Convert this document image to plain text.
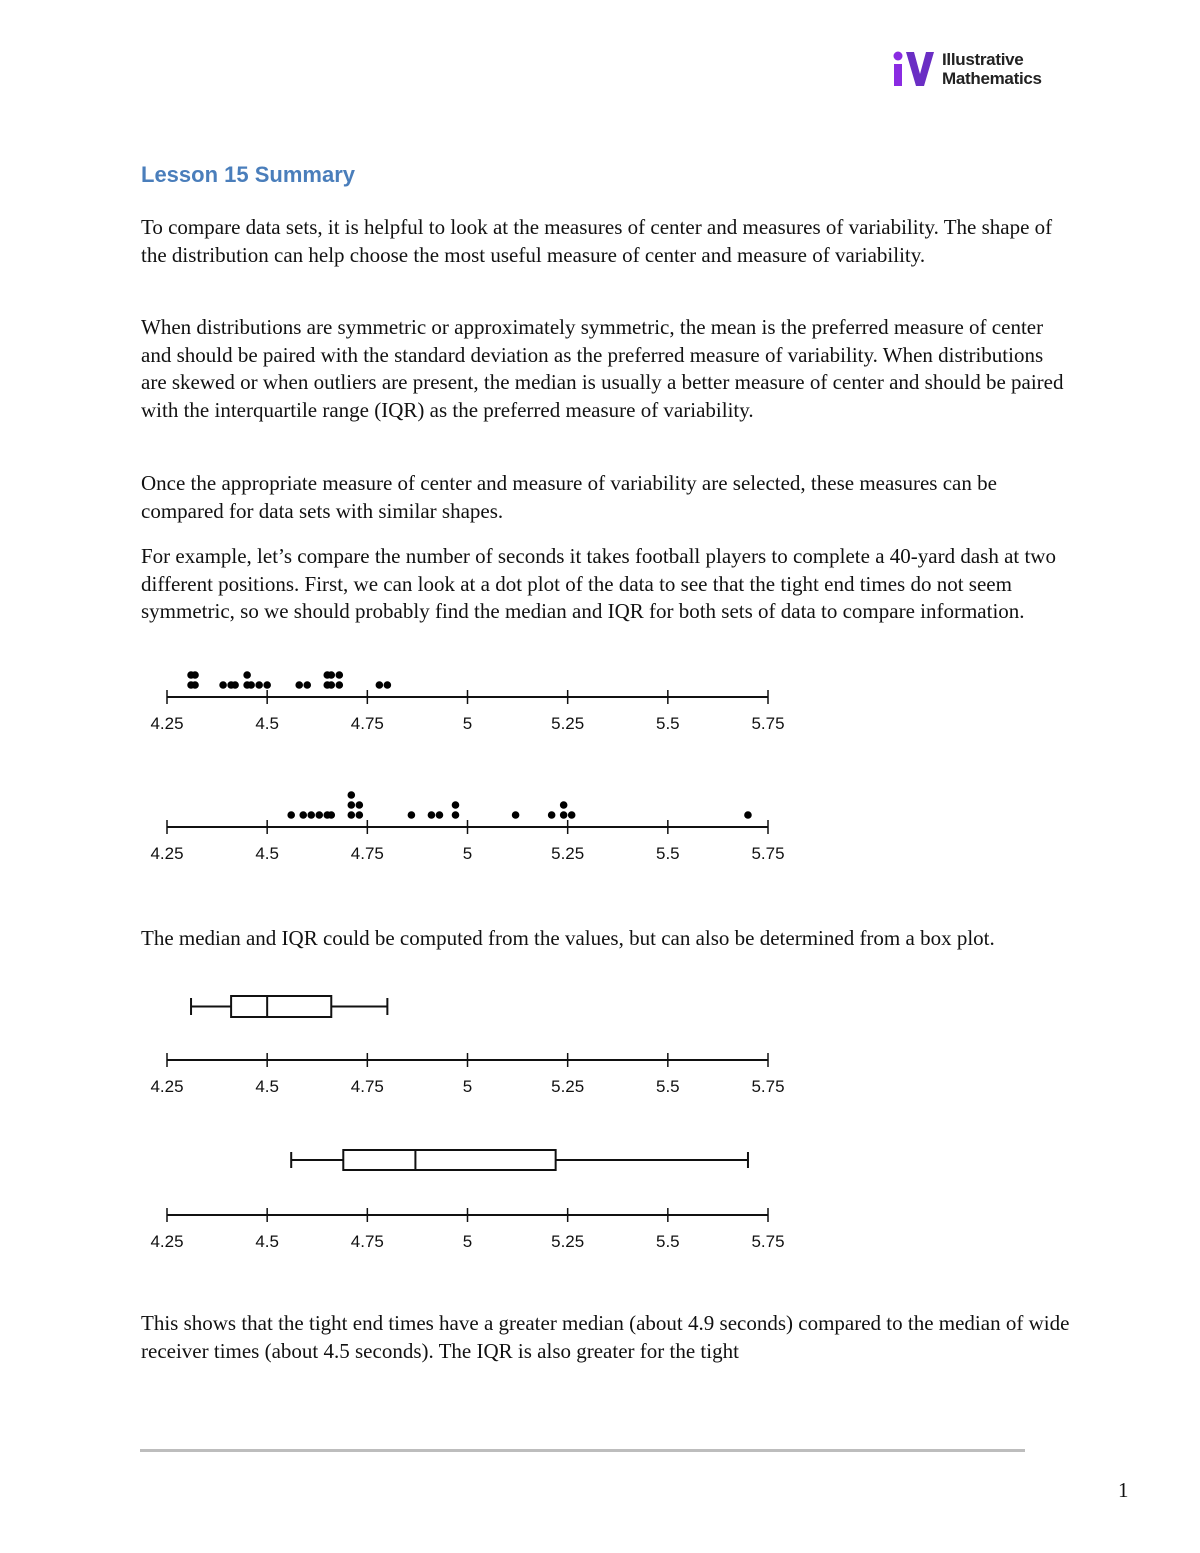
Illustrative
Mathematics
Lesson 15 Summary

To compare data sets, it is helpful to look at the measures of center and measures of variability. The shape of the distribution can help choose the most useful measure of center and measure of variability.

When distributions are symmetric or approximately symmetric, the mean is the preferred measure of center and should be paired with the standard deviation as the preferred measure of variability. When distributions are skewed or when outliers are present, the median is usually a better measure of center and should be paired with the interquartile range (IQR) as the preferred measure of variability.

Once the appropriate measure of center and measure of variability are selected, these measures can be compared for data sets with similar shapes.

For example, let’s compare the number of seconds it takes football players to complete a 40-yard dash at two different positions. First, we can look at a dot plot of the data to see that the tight end times do not seem symmetric, so we should probably find the median and IQR for both sets of data to compare information.

4.25	4.5	4.75	5	5.25	5.5	5.75
4.25	4.5	4.75	5	5.25	5.5	5.75

The median and IQR could be computed from the values, but can also be determined from a box plot.

4.25	4.5	4.75	5	5.25	5.5	5.75
4.25	4.5	4.75	5	5.25	5.5	5.75

This shows that the tight end times have a greater median (about 4.9 seconds) compared to the median of wide receiver times (about 4.5 seconds). The IQR is also greater for the tight

1
